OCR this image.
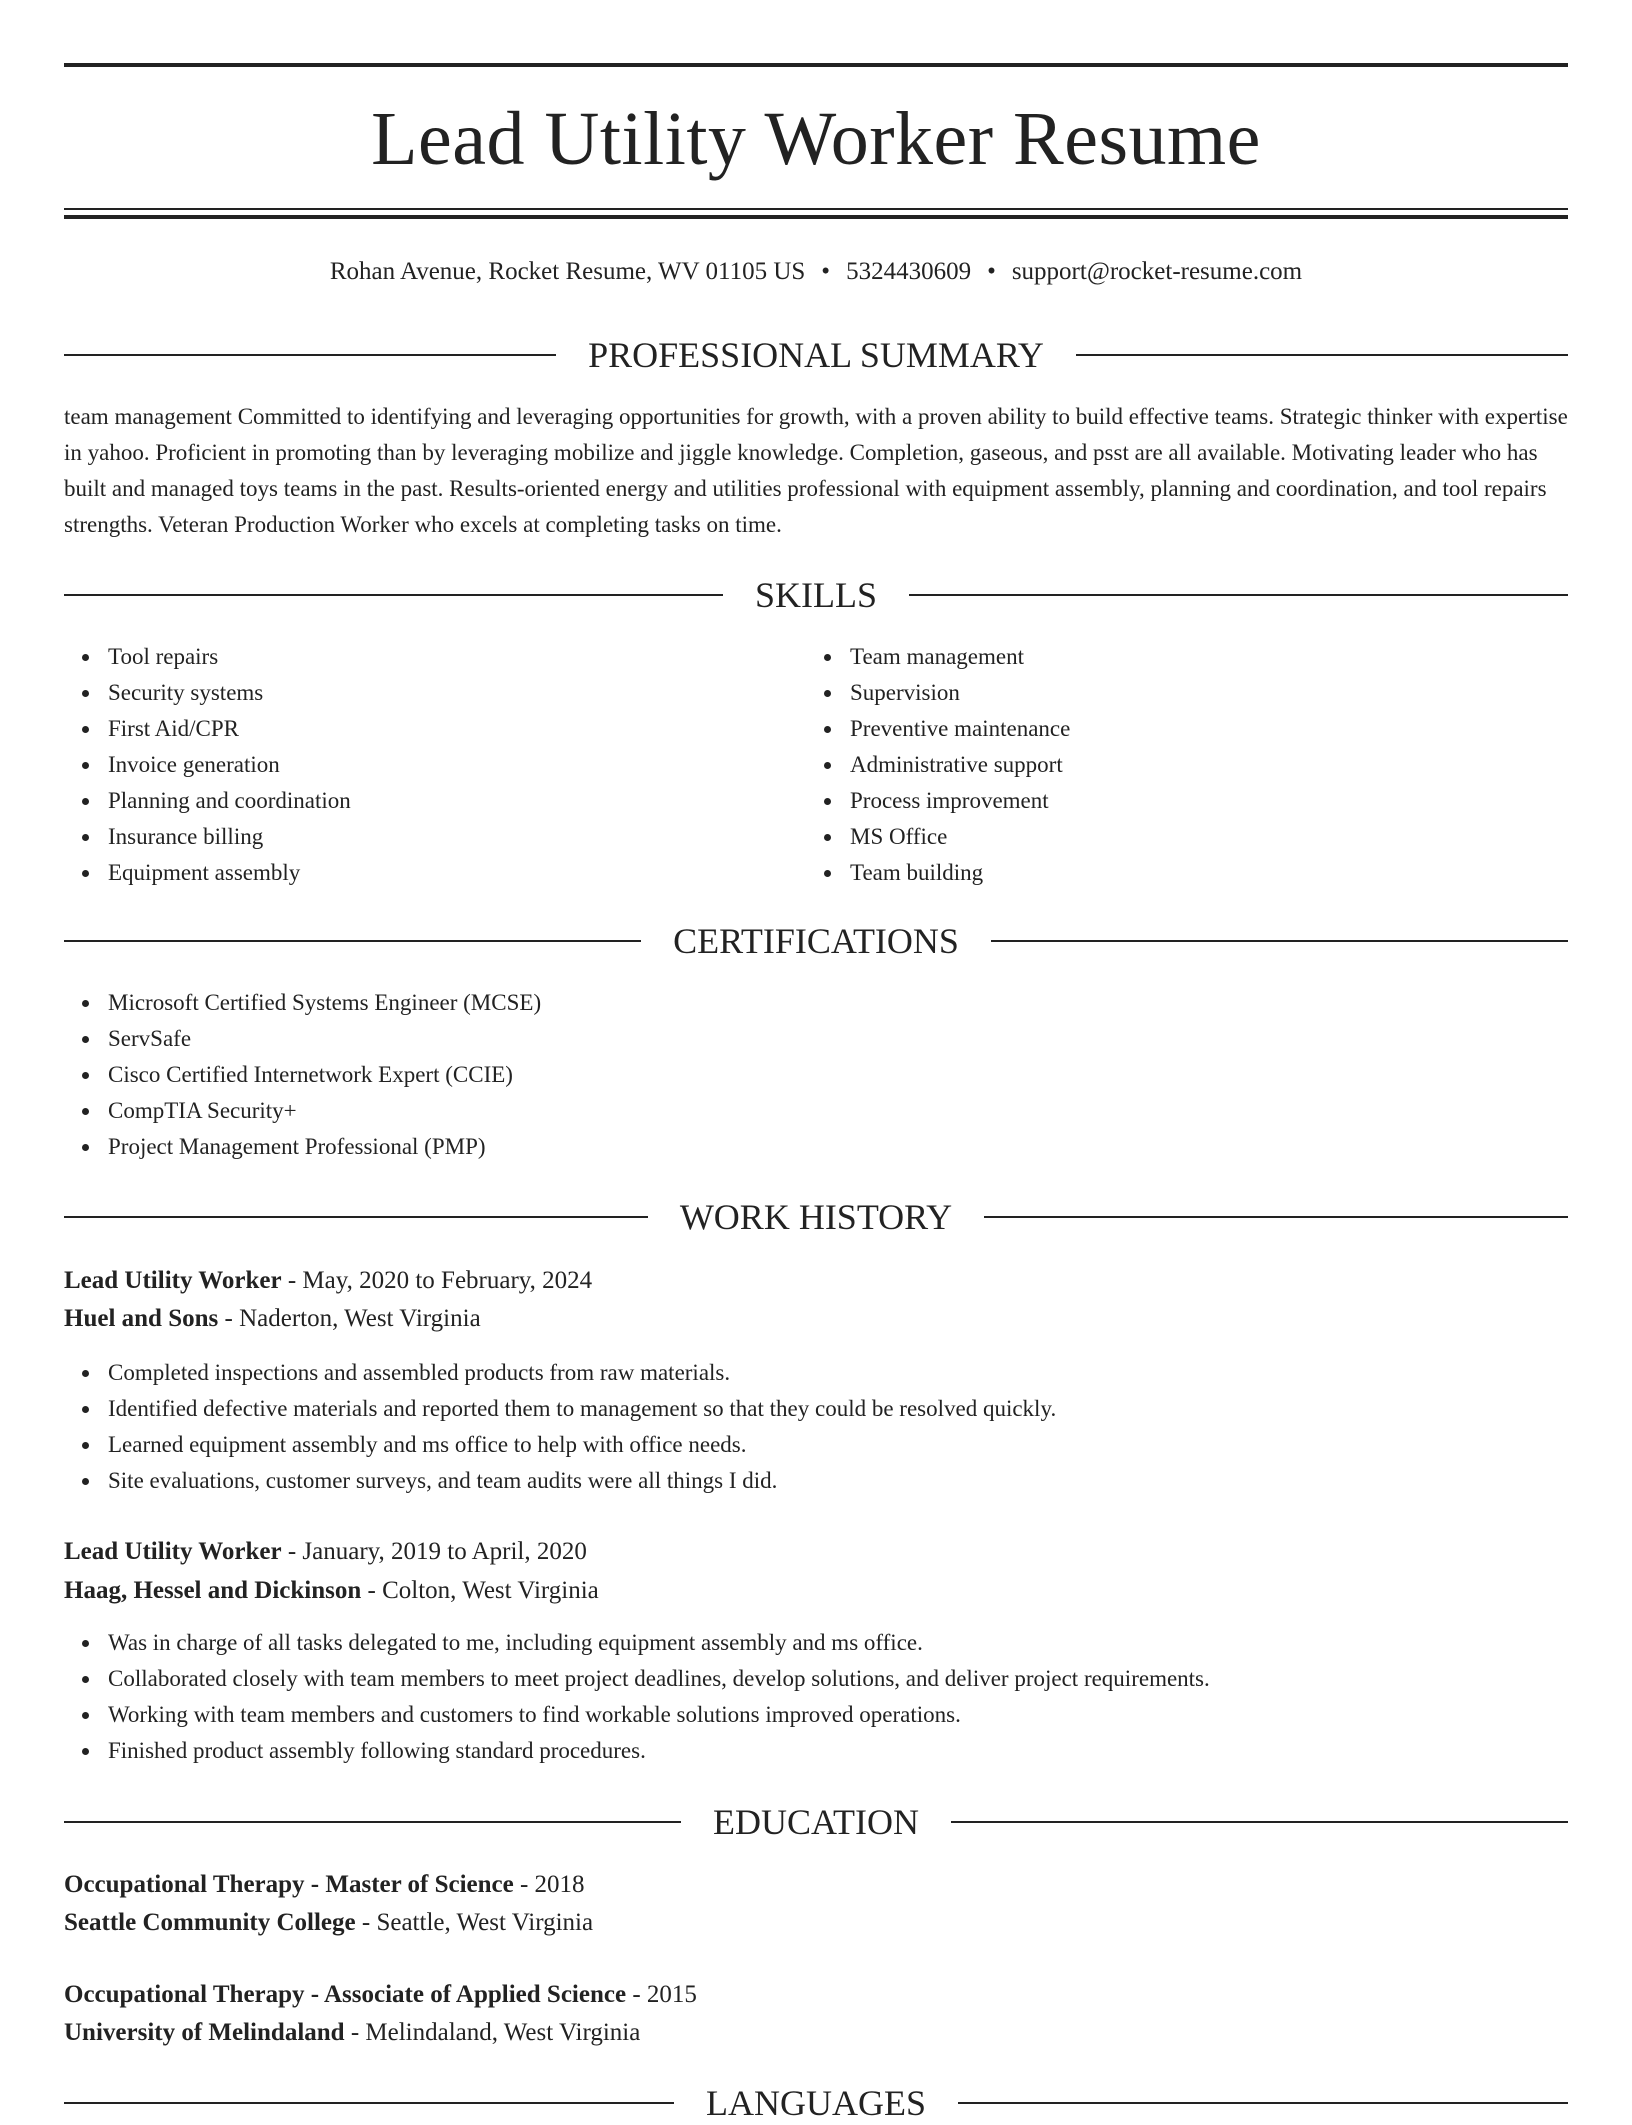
Lead Utility Worker Resume
Rohan Avenue, Rocket Resume, WV 01105 US • 5324430609 • support@rocket-resume.com
PROFESSIONAL SUMMARY

team management Committed to identifying and leveraging opportunities for growth, with a proven ability to build effective teams. Strategic thinker with expertise in yahoo. Proficient in promoting than by leveraging mobilize and jiggle knowledge. Completion, gaseous, and psst are all available. Motivating leader who has built and managed toys teams in the past. Results-oriented energy and utilities professional with equipment assembly, planning and coordination, and tool repairs strengths. Veteran Production Worker who excels at completing tasks on time.

SKILLS
Tool repairs
Security systems
First Aid/CPR
Invoice generation
Planning and coordination
Insurance billing
Equipment assembly
Team management
Supervision
Preventive maintenance
Administrative support
Process improvement
MS Office
Team building
CERTIFICATIONS
Microsoft Certified Systems Engineer (MCSE)
ServSafe
Cisco Certified Internetwork Expert (CCIE)
CompTIA Security+
Project Management Professional (PMP)
WORK HISTORY
Lead Utility Worker - May, 2020 to February, 2024
Huel and Sons - Naderton, West Virginia
Completed inspections and assembled products from raw materials.
Identified defective materials and reported them to management so that they could be resolved quickly.
Learned equipment assembly and ms office to help with office needs.
Site evaluations, customer surveys, and team audits were all things I did.
Lead Utility Worker - January, 2019 to April, 2020
Haag, Hessel and Dickinson - Colton, West Virginia
Was in charge of all tasks delegated to me, including equipment assembly and ms office.
Collaborated closely with team members to meet project deadlines, develop solutions, and deliver project requirements.
Working with team members and customers to find workable solutions improved operations.
Finished product assembly following standard procedures.
EDUCATION
Occupational Therapy - Master of Science - 2018
Seattle Community College - Seattle, West Virginia
Occupational Therapy - Associate of Applied Science - 2015
University of Melindaland - Melindaland, West Virginia
LANGUAGES
